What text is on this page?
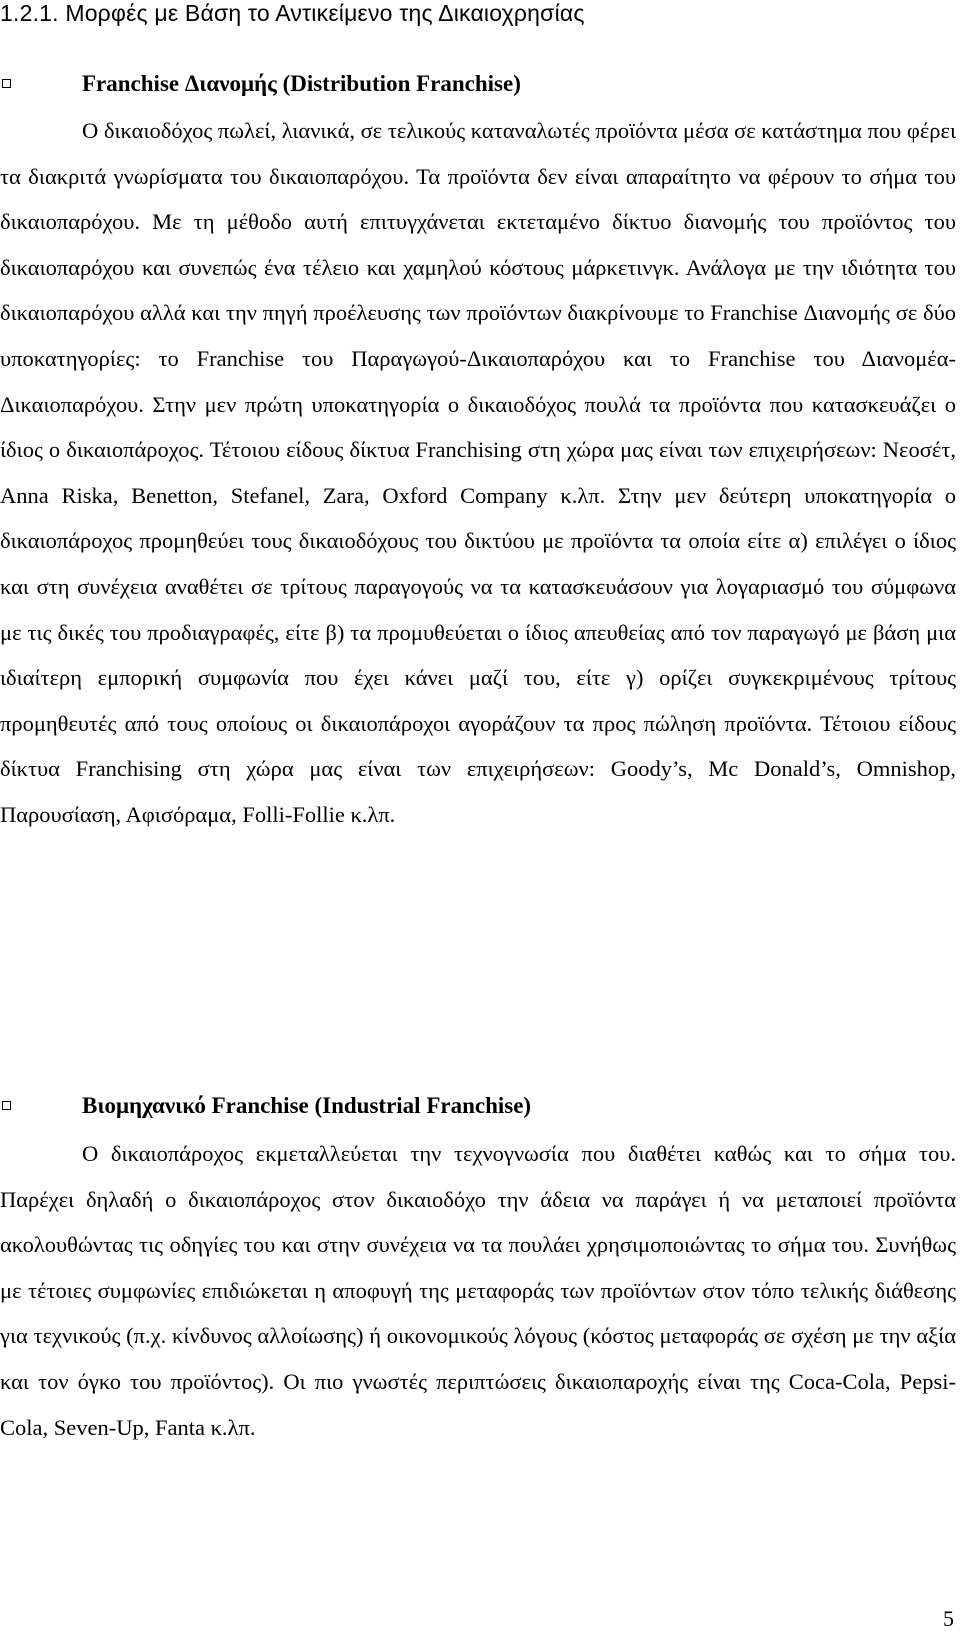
1.2.1. Μορφές με Βάση το Αντικείμενο της Δικαιοχρησίας
Franchise Διανομής (Distribution Franchise)

Ο δικαιοδόχος πωλεί, λιανικά, σε τελικούς καταναλωτές προϊόντα μέσα σε κατάστημα που φέρει τα διακριτά γνωρίσματα του δικαιοπαρόχου. Τα προϊόντα δεν είναι απαραίτητο να φέρουν το σήμα του δικαιοπαρόχου. Με τη μέθοδο αυτή επιτυγχάνεται εκτεταμένο δίκτυο διανομής του προϊόντος του δικαιοπαρόχου και συνεπώς ένα τέλειο και χαμηλού κόστους μάρκετινγκ. Ανάλογα με την ιδιότητα του δικαιοπαρόχου αλλά και την πηγή προέλευσης των προϊόντων διακρίνουμε το Franchise Διανομής σε δύο υποκατηγορίες: το Franchise του Παραγωγού-Δικαιοπαρόχου και το Franchise του Διανομέα-Δικαιοπαρόχου. Στην μεν πρώτη υποκατηγορία ο δικαιοδόχος πουλά τα προϊόντα που κατασκευάζει ο ίδιος ο δικαιοπάροχος. Τέτοιου είδους δίκτυα Franchising στη χώρα μας είναι των επιχειρήσεων: Νεοσέτ, Anna Riska, Benetton, Stefanel, Zara, Oxford Company κ.λπ. Στην μεν δεύτερη υποκατηγορία ο δικαιοπάροχος προμηθεύει τους δικαιοδόχους του δικτύου με προϊόντα τα οποία είτε α) επιλέγει ο ίδιος και στη συνέχεια αναθέτει σε τρίτους παραγογούς να τα κατασκευάσουν για λογαριασμό του σύμφωνα με τις δικές του προδιαγραφές, είτε β) τα προμυθεύεται ο ίδιος απευθείας από τον παραγωγό με βάση μια ιδιαίτερη εμπορική συμφωνία που έχει κάνει μαζί του, είτε γ) ορίζει συγκεκριμένους τρίτους προμηθευτές από τους οποίους οι δικαιοπάροχοι αγοράζουν τα προς πώληση προϊόντα. Τέτοιου είδους δίκτυα Franchising στη χώρα μας είναι των επιχειρήσεων: Goody’s, Mc Donald’s, Omnishop, Παρουσίαση, Αφισόραμα, Folli-Follie κ.λπ.

Βιομηχανικό Franchise (Industrial Franchise)

Ο δικαιοπάροχος εκμεταλλεύεται την τεχνογνωσία που διαθέτει καθώς και το σήμα του. Παρέχει δηλαδή ο δικαιοπάροχος στον δικαιοδόχο την άδεια να παράγει ή να μεταποιεί προϊόντα ακολουθώντας τις οδηγίες του και στην συνέχεια να τα πουλάει χρησιμοποιώντας το σήμα του. Συνήθως με τέτοιες συμφωνίες επιδιώκεται η αποφυγή της μεταφοράς των προϊόντων στον τόπο τελικής διάθεσης για τεχνικούς (π.χ. κίνδυνος αλλοίωσης) ή οικονομικούς λόγους (κόστος μεταφοράς σε σχέση με την αξία και τον όγκο του προϊόντος). Οι πιο γνωστές περιπτώσεις δικαιοπαροχής είναι της Coca-Cola, Pepsi-Cola, Seven-Up, Fanta κ.λπ.

5
